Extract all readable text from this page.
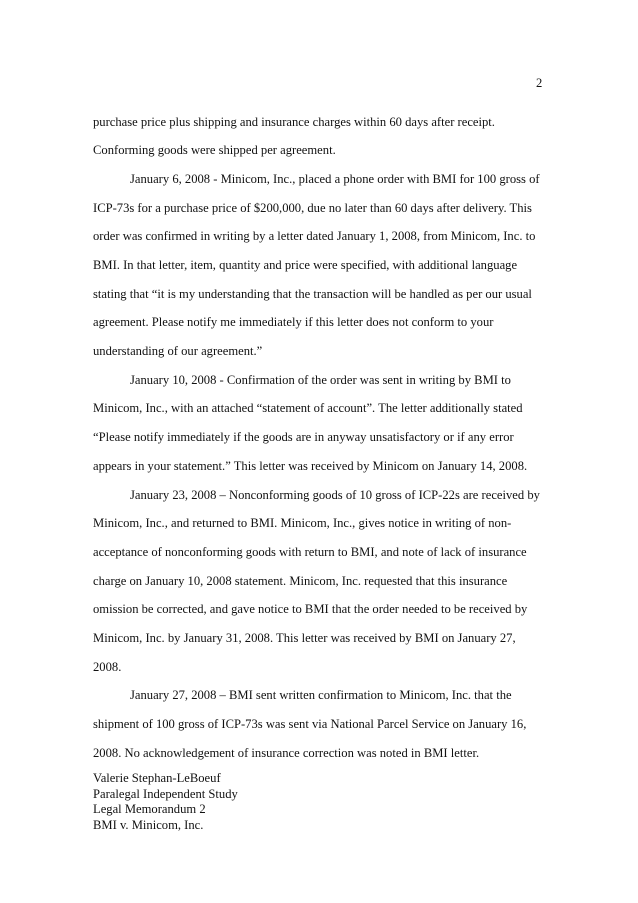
2
purchase price plus shipping and insurance charges within 60 days after receipt.
Conforming goods were shipped per agreement.
January 6, 2008 - Minicom, Inc., placed a phone order with BMI for 100 gross of
ICP-73s for a purchase price of $200,000, due no later than 60 days after delivery. This
order was confirmed in writing by a letter dated January 1, 2008, from Minicom, Inc. to
BMI. In that letter, item, quantity and price were specified, with additional language
stating that “it is my understanding that the transaction will be handled as per our usual
agreement. Please notify me immediately if this letter does not conform to your
understanding of our agreement.”
January 10, 2008 - Confirmation of the order was sent in writing by BMI to
Minicom, Inc., with an attached “statement of account”. The letter additionally stated
“Please notify immediately if the goods are in anyway unsatisfactory or if any error
appears in your statement.” This letter was received by Minicom on January 14, 2008.
January 23, 2008 – Nonconforming goods of 10 gross of ICP-22s are received by
Minicom, Inc., and returned to BMI. Minicom, Inc., gives notice in writing of non-
acceptance of nonconforming goods with return to BMI, and note of lack of insurance
charge on January 10, 2008 statement. Minicom, Inc. requested that this insurance
omission be corrected, and gave notice to BMI that the order needed to be received by
Minicom, Inc. by January 31, 2008. This letter was received by BMI on January 27,
2008.
January 27, 2008 – BMI sent written confirmation to Minicom, Inc. that the
shipment of 100 gross of ICP-73s was sent via National Parcel Service on January 16,
2008. No acknowledgement of insurance correction was noted in BMI letter.
Valerie Stephan-LeBoeuf
Paralegal Independent Study
Legal Memorandum 2
BMI v. Minicom, Inc.
